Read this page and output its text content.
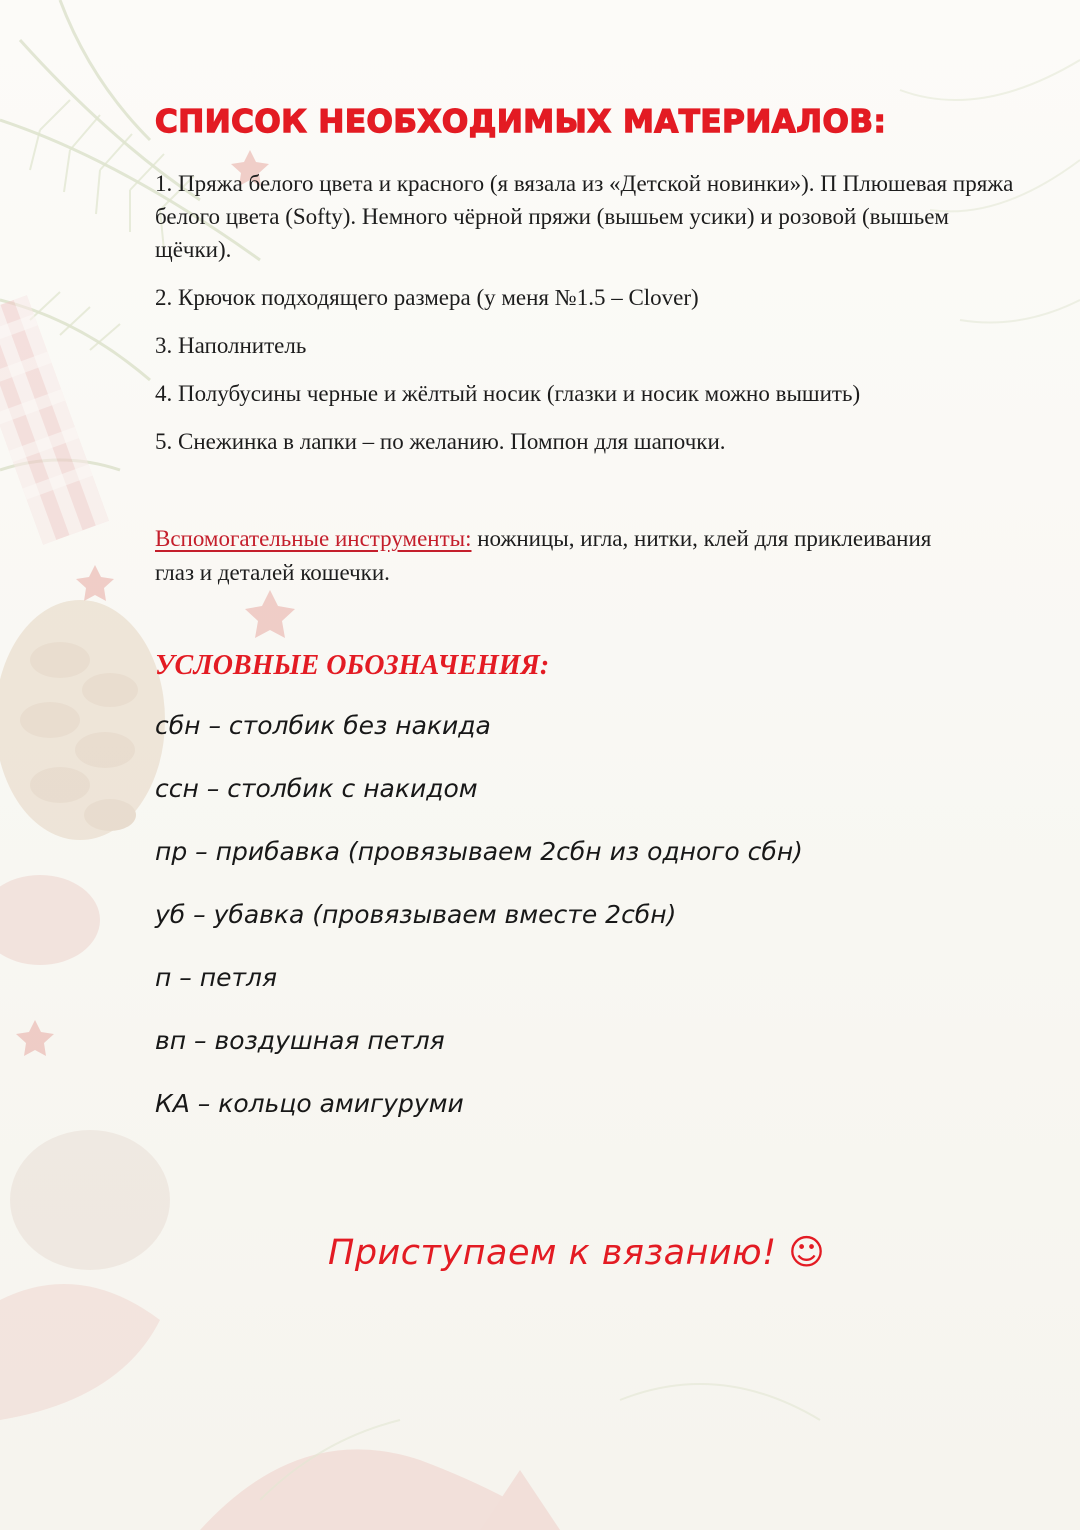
СПИСОК НЕОБХОДИМЫХ МАТЕРИАЛОВ:
1. Пряжа белого цвета и красного (я вязала из «Детской новинки»). П Плюшевая пряжа белого цвета (Softy). Немного чёрной пряжи (вышьем усики) и розовой (вышьем щёчки).
2. Крючок подходящего размера (у меня №1.5 – Clover)
3. Наполнитель
4. Полубусины черные и жёлтый носик (глазки и носик можно вышить)
5. Снежинка в лапки – по желанию. Помпон для шапочки.

Вспомогательные инструменты: ножницы, игла, нитки, клей для приклеивания глаз и деталей кошечки.

УСЛОВНЫЕ ОБОЗНАЧЕНИЯ:
сбн – столбик без накида
ссн – столбик с накидом
пр – прибавка (провязываем 2сбн из одного сбн)
уб – убавка (провязываем вместе 2сбн)
п – петля
вп – воздушная петля
КА – кольцо амигуруми

Приступаем к вязанию! ☺
